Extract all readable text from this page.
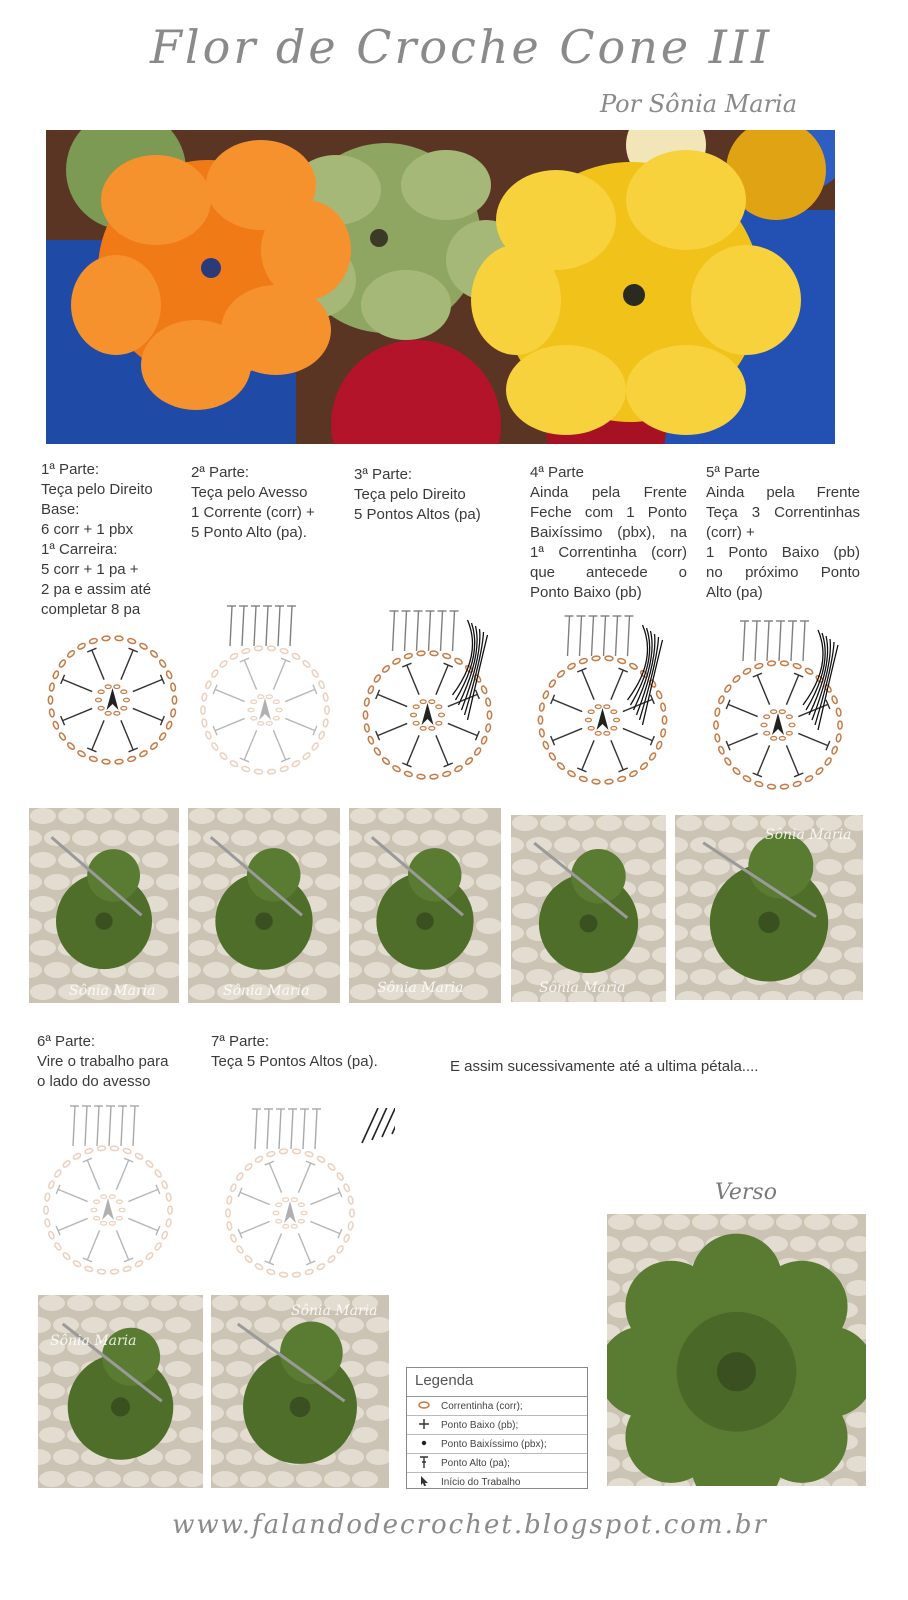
Flor de Croche Cone III
Por Sônia Maria
1ª Parte:
Teça pelo Direito
Base:
6 corr + 1 pbx
1ª Carreira:
5 corr + 1 pa +
2 pa e assim até
completar 8 pa
2ª Parte:
Teça pelo Avesso
1 Corrente (corr) +
5 Ponto Alto (pa).
3ª Parte:
Teça pelo Direito
5 Pontos Altos (pa)
4ª Parte
Ainda pela Frente
Feche com 1 Ponto
Baixíssimo (pbx), na
1ª Correntinha (corr)
que antecede o
Ponto Baixo (pb)
5ª Parte
Ainda pela Frente
Teça 3 Correntinhas
(corr) +
1 Ponto Baixo (pb)
no próximo Ponto
Alto (pa)
Sônia Maria	Sônia Maria	Sônia Maria	Sônia Maria
Sônia Maria
6ª Parte:
Vire o trabalho para
o lado do avesso
7ª Parte:
Teça 5 Pontos Altos (pa).	E assim sucessivamente até a ultima pétala....
Sônia Maria
Sônia Maria
Legenda
Correntinha (corr);
Ponto Baixo (pb);
Ponto Baixíssimo (pbx);
Ponto Alto (pa);
Início do Trabalho
Verso
www.falandodecrochet.blogspot.com.br
